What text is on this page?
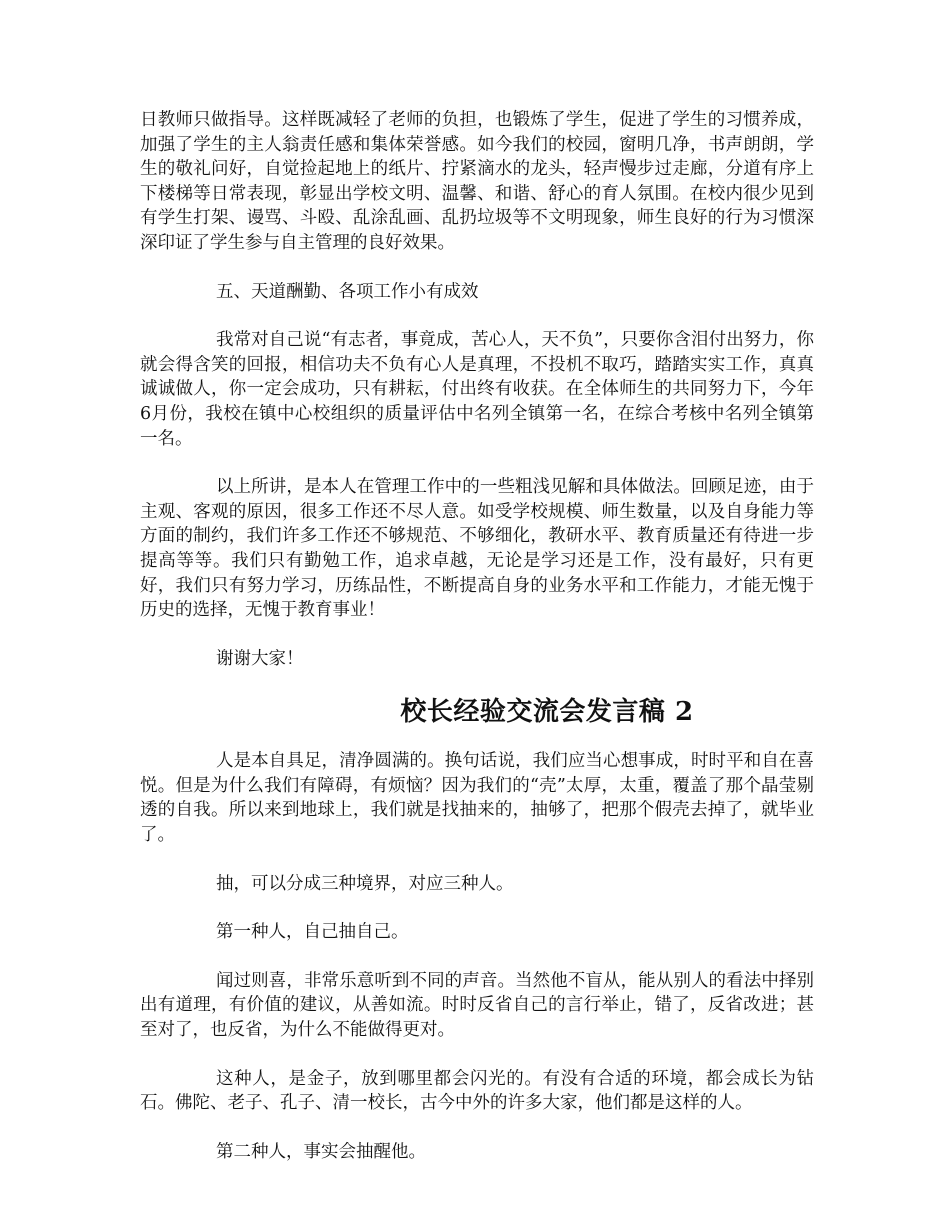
日教师只做指导。这样既减轻了老师的负担，也锻炼了学生，促进了学生的习惯养成，加强了学生的主人翁责任感和集体荣誉感。如今我们的校园，窗明几净，书声朗朗，学生的敬礼问好，自觉捡起地上的纸片、拧紧滴水的龙头，轻声慢步过走廊，分道有序上下楼梯等日常表现，彰显出学校文明、温馨、和谐、舒心的育人氛围。在校内很少见到有学生打架、谩骂、斗殴、乱涂乱画、乱扔垃圾等不文明现象，师生良好的行为习惯深深印证了学生参与自主管理的良好效果。

五、天道酬勤、各项工作小有成效

我常对自己说“有志者，事竟成，苦心人，天不负”，只要你含泪付出努力，你就会得含笑的回报，相信功夫不负有心人是真理，不投机不取巧，踏踏实实工作，真真诚诚做人，你一定会成功，只有耕耘，付出终有收获。在全体师生的共同努力下，今年6月份，我校在镇中心校组织的质量评估中名列全镇第一名，在综合考核中名列全镇第一名。

以上所讲，是本人在管理工作中的一些粗浅见解和具体做法。回顾足迹，由于主观、客观的原因，很多工作还不尽人意。如受学校规模、师生数量，以及自身能力等方面的制约，我们许多工作还不够规范、不够细化，教研水平、教育质量还有待进一步提高等等。我们只有勤勉工作，追求卓越，无论是学习还是工作，没有最好，只有更好，我们只有努力学习，历练品性，不断提高自身的业务水平和工作能力，才能无愧于历史的选择，无愧于教育事业！

谢谢大家！

校长经验交流会发言稿 2

人是本自具足，清净圆满的。换句话说，我们应当心想事成，时时平和自在喜悦。但是为什么我们有障碍，有烦恼？因为我们的“壳”太厚，太重，覆盖了那个晶莹剔透的自我。所以来到地球上，我们就是找抽来的，抽够了，把那个假壳去掉了，就毕业了。

抽，可以分成三种境界，对应三种人。

第一种人，自己抽自己。

闻过则喜，非常乐意听到不同的声音。当然他不盲从，能从别人的看法中择别出有道理，有价值的建议，从善如流。时时反省自己的言行举止，错了，反省改进；甚至对了，也反省，为什么不能做得更对。

这种人，是金子，放到哪里都会闪光的。有没有合适的环境，都会成长为钻石。佛陀、老子、孔子、清一校长，古今中外的许多大家，他们都是这样的人。

第二种人，事实会抽醒他。
